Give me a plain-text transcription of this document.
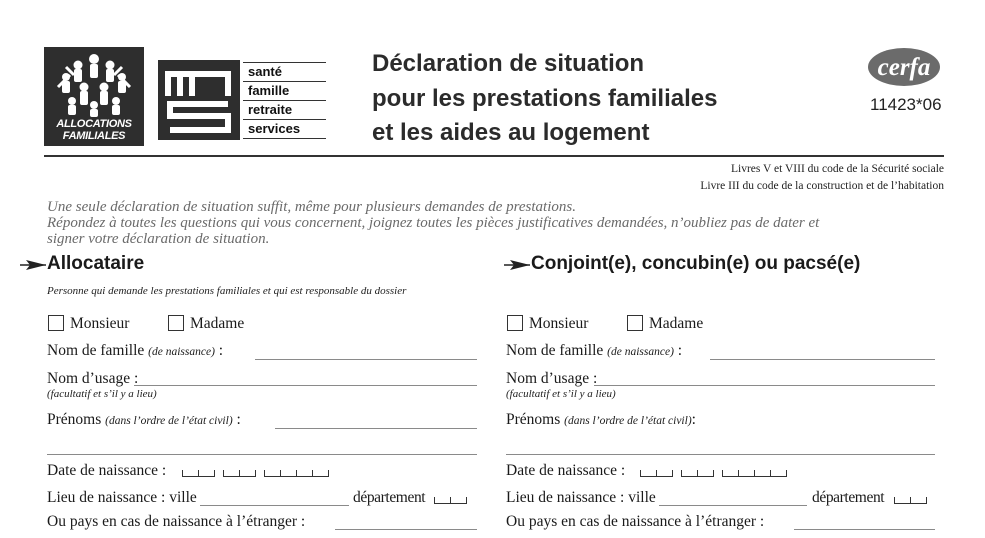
ALLOCATIONS
FAMILIALES
santé
famille
retraite
services
Déclaration de situation
pour les prestations familiales
et les aides au logement
cerfa
11423*06
Livres V et VIII du code de la Sécurité sociale
Livre III du code de la construction et de l’habitation
Une seule déclaration de situation suffit, même pour plusieurs demandes de prestations.
Répondez à toutes les questions qui vous concernent, joignez toutes les pièces justificatives demandées, n’oubliez pas de dater et
signer votre déclaration de situation.
Allocataire
Personne qui demande les prestations familiales et qui est responsable du dossier
Monsieur	Madame
Nom de famille (de naissance) :
Nom d’usage :
(facultatif et s’il y a lieu)
Prénoms (dans l’ordre de l’état civil) :
Date de naissance :
Lieu de naissance : ville	département
Ou pays en cas de naissance à l’étranger :
Conjoint(e), concubin(e) ou pacsé(e)
Monsieur	Madame
Nom de famille (de naissance) :
Nom d’usage :
(facultatif et s’il y a lieu)
Prénoms (dans l’ordre de l’état civil):
Date de naissance :
Lieu de naissance : ville	département
Ou pays en cas de naissance à l’étranger :
